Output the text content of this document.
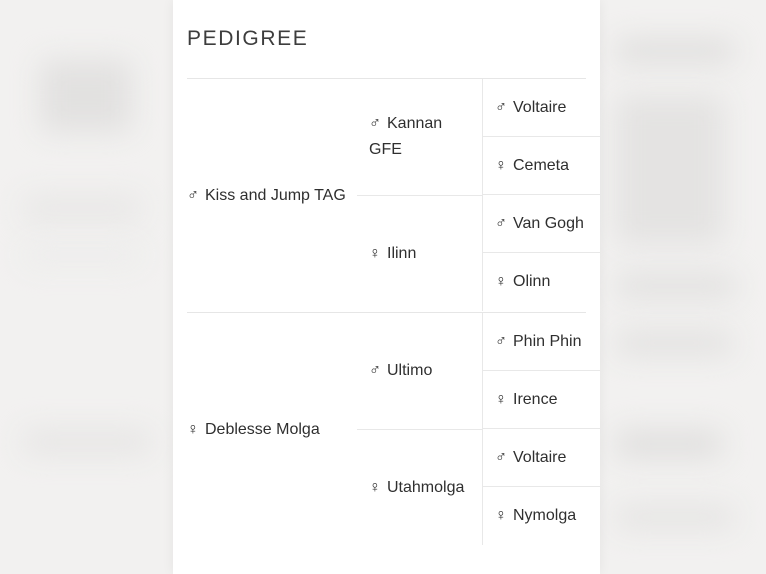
PEDIGREE
♂ Kiss and Jump TAG
♂ Kannan GFE
♀ Ilinn
♂ Voltaire
♀ Cemeta
♂ Van Gogh
♀ Olinn
♀ Deblesse Molga
♂ Ultimo
♀ Utahmolga
♂ Phin Phin
♀ Irence
♂ Voltaire
♀ Nymolga
